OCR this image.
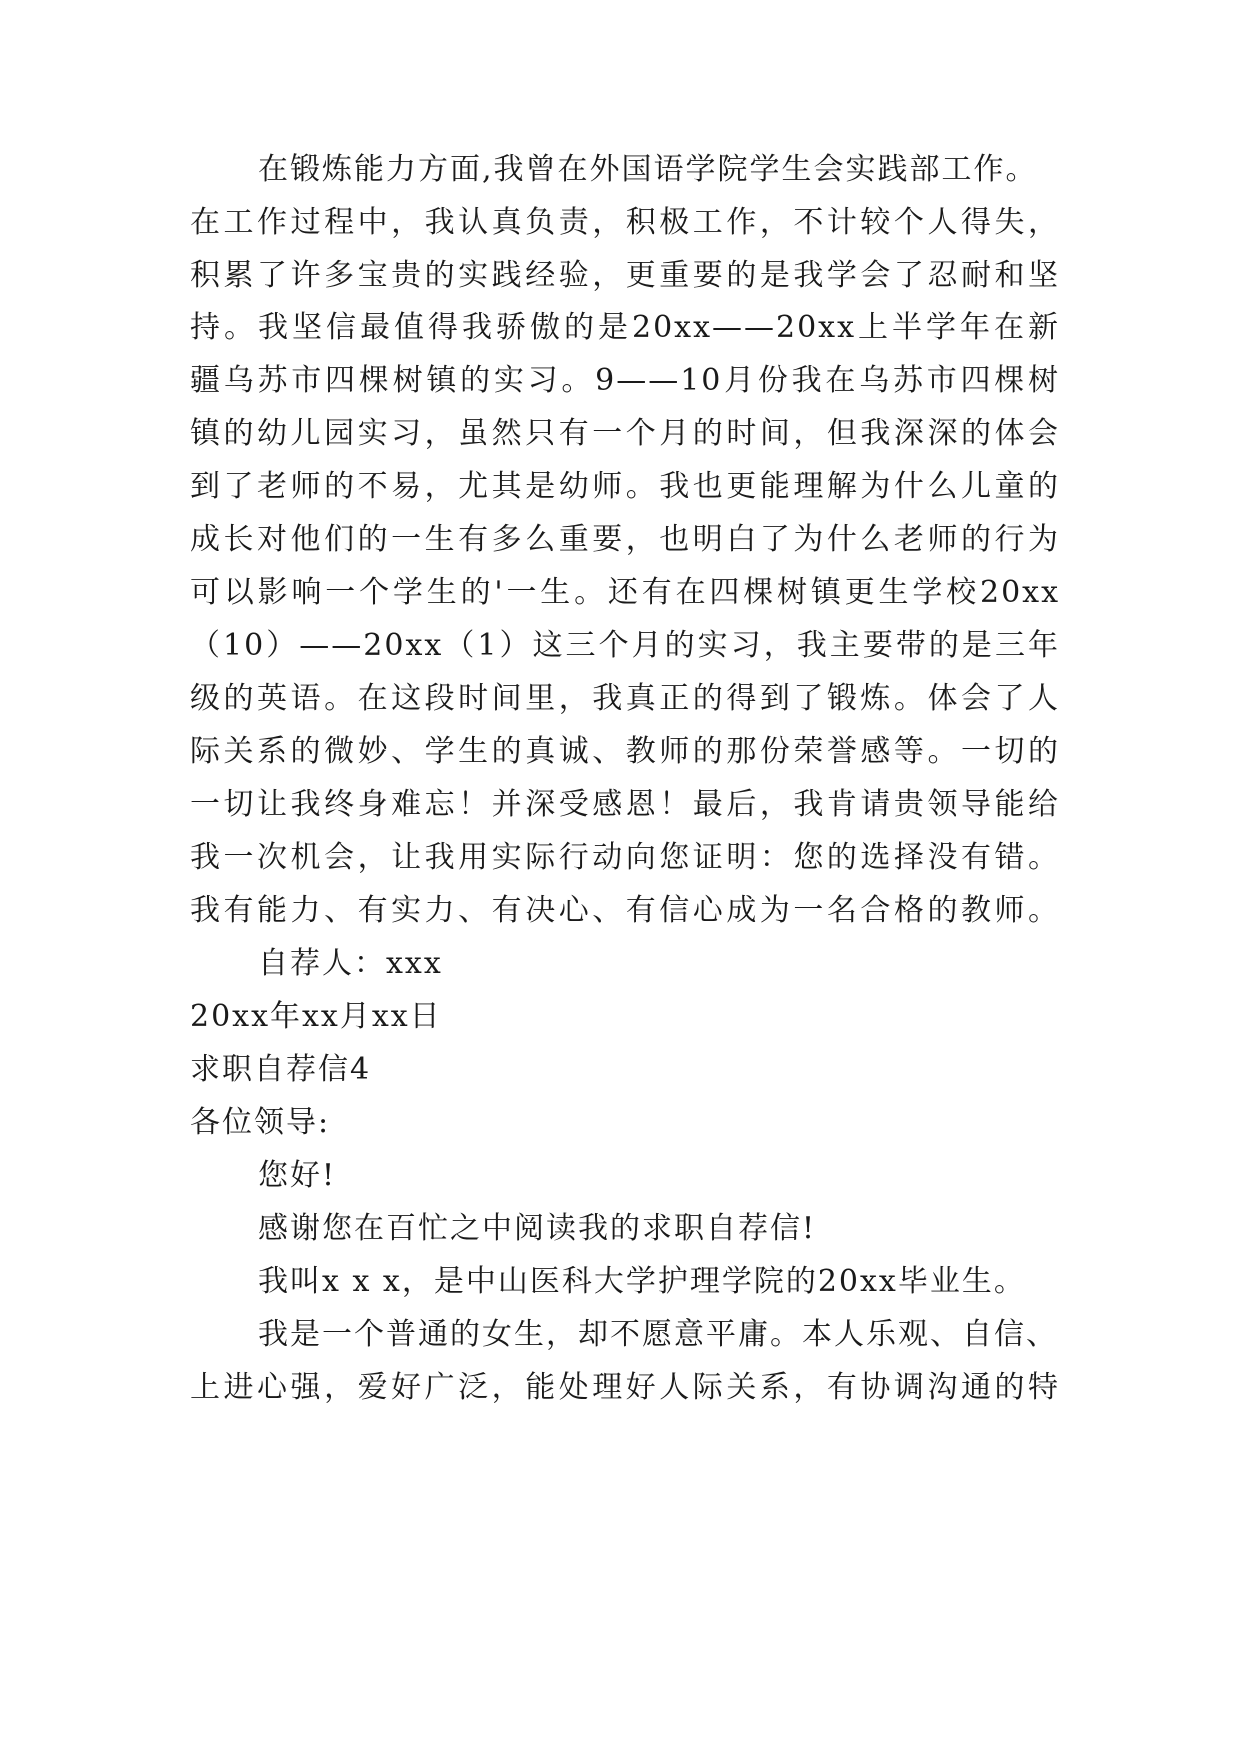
在锻炼能力方面,我曾在外国语学院学生会实践部工作。
在工作过程中，我认真负责，积极工作，不计较个人得失，
积累了许多宝贵的实践经验，更重要的是我学会了忍耐和坚
持。我坚信最值得我骄傲的是20xx——20xx上半学年在新
疆乌苏市四棵树镇的实习。9——10月份我在乌苏市四棵树
镇的幼儿园实习，虽然只有一个月的时间，但我深深的体会
到了老师的不易，尤其是幼师。我也更能理解为什么儿童的
成长对他们的一生有多么重要，也明白了为什么老师的行为
可以影响一个学生的'一生。还有在四棵树镇更生学校20xx
（10）——20xx（1）这三个月的实习，我主要带的是三年
级的英语。在这段时间里，我真正的得到了锻炼。体会了人
际关系的微妙、学生的真诚、教师的那份荣誉感等。一切的
一切让我终身难忘！并深受感恩！最后，我肯请贵领导能给
我一次机会，让我用实际行动向您证明：您的选择没有错。
我有能力、有实力、有决心、有信心成为一名合格的教师。
自荐人：xxx
20xx年xx月xx日
求职自荐信4
各位领导:
您好!
感谢您在百忙之中阅读我的求职自荐信!
我叫x x x，是中山医科大学护理学院的20xx毕业生。
我是一个普通的女生，却不愿意平庸。本人乐观、自信、
上进心强，爱好广泛，能处理好人际关系，有协调沟通的特
